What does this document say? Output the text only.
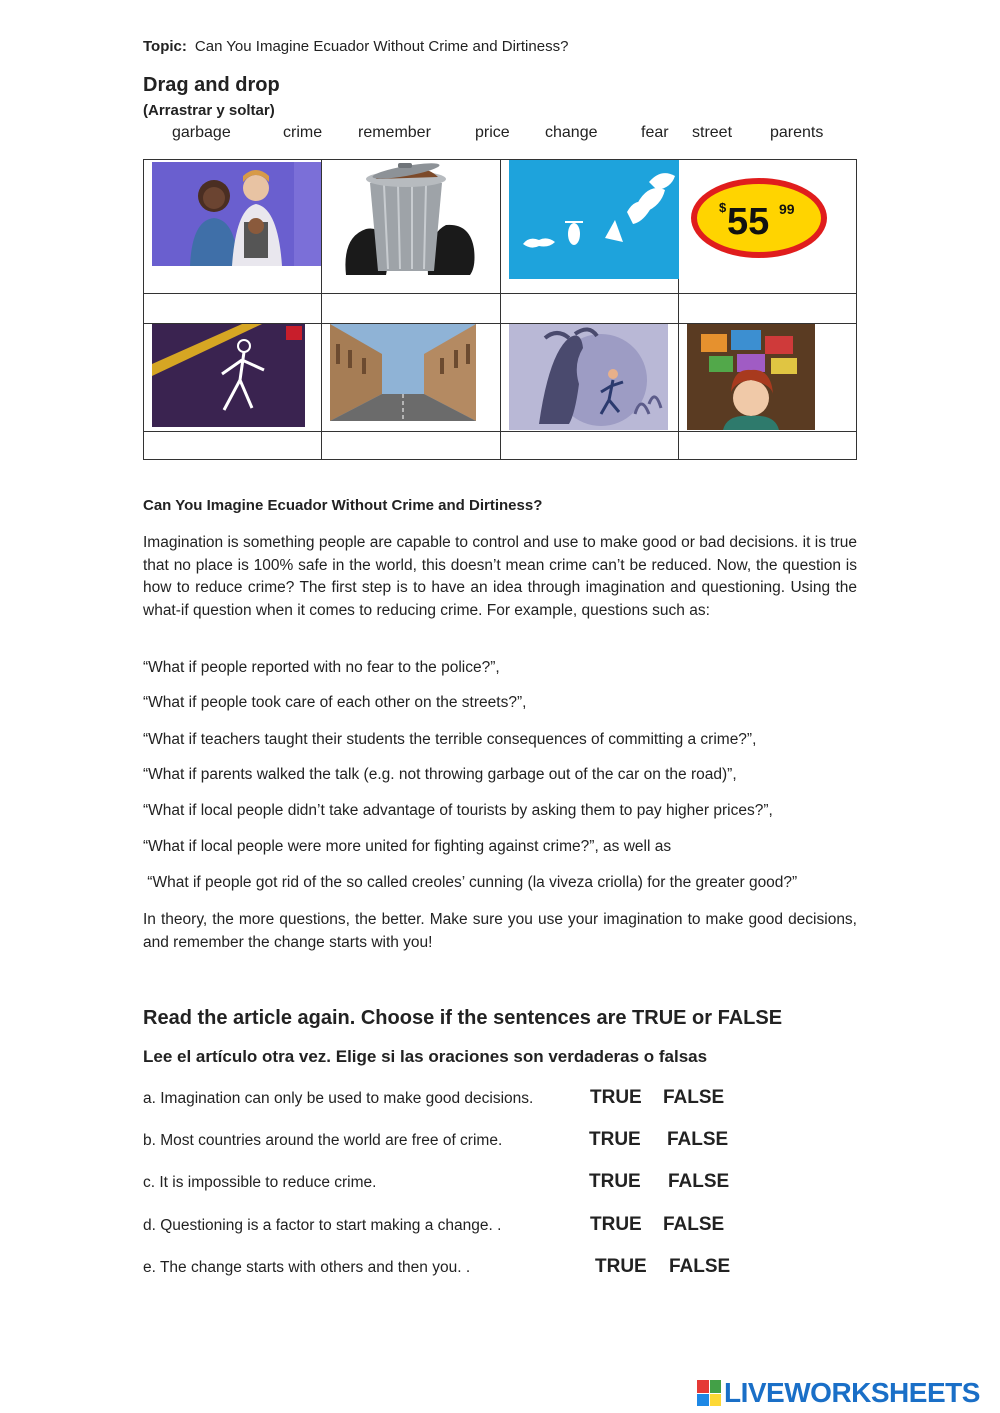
Topic: Can You Imagine Ecuador Without Crime and Dirtiness?
Drag and drop
(Arrastrar y soltar)
garbage	crime remember	price change	fear street parents

$ 55 99

Can You Imagine Ecuador Without Crime and Dirtiness?
Imagination is something people are capable to control and use to make good or bad decisions. it is true that no place is 100% safe in the world, this doesn’t mean crime can’t be reduced. Now, the question is how to reduce crime? The first step is to have an idea through imagination and questioning. Using the what-if question when it comes to reducing crime. For example, questions such as:
“What if people reported with no fear to the police?”,
“What if people took care of each other on the streets?”,
“What if teachers taught their students the terrible consequences of committing a crime?”,
“What if parents walked the talk (e.g. not throwing garbage out of the car on the road)”,
“What if local people didn’t take advantage of tourists by asking them to pay higher prices?”,
“What if local people were more united for fighting against crime?”, as well as
“What if people got rid of the so called creoles’ cunning (la viveza criolla) for the greater good?”
In theory, the more questions, the better. Make sure you use your imagination to make good decisions, and remember the change starts with you!
Read the article again. Choose if the sentences are TRUE or FALSE
Lee el artículo otra vez. Elige si las oraciones son verdaderas o falsas
a. Imagination can only be used to make good decisions.	TRUE FALSE
b. Most countries around the world are free of crime.	TRUE FALSE
c. It is impossible to reduce crime.	TRUE FALSE
d. Questioning is a factor to start making a change. .	TRUE FALSE
e. The change starts with others and then you. .	TRUE FALSE
LIVEWORKSHEETS
